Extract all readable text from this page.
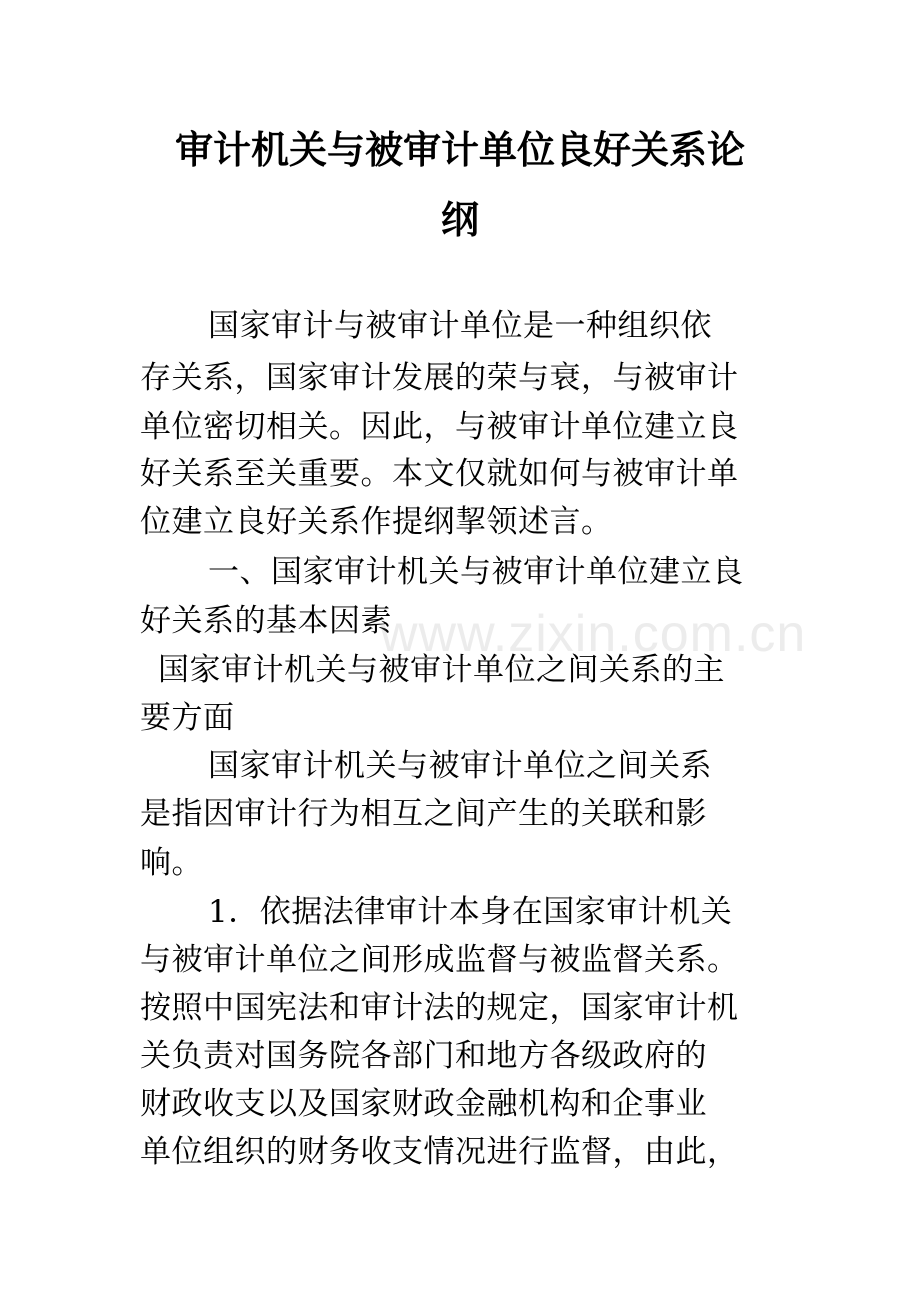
审计机关与被审计单位良好关系论
纲
国家审计与被审计单位是一种组织依
存关系，国家审计发展的荣与衰，与被审计
单位密切相关。因此，与被审计单位建立良
好关系至关重要。本文仅就如何与被审计单
位建立良好关系作提纲挈领述言。
一、国家审计机关与被审计单位建立良
好关系的基本因素
国家审计机关与被审计单位之间关系的主
要方面
国家审计机关与被审计单位之间关系
是指因审计行为相互之间产生的关联和影
响。
1．依据法律审计本身在国家审计机关
与被审计单位之间形成监督与被监督关系。
按照中国宪法和审计法的规定，国家审计机
关负责对国务院各部门和地方各级政府的
财政收支以及国家财政金融机构和企事业
单位组织的财务收支情况进行监督，由此，
www.zixin.com.cn
